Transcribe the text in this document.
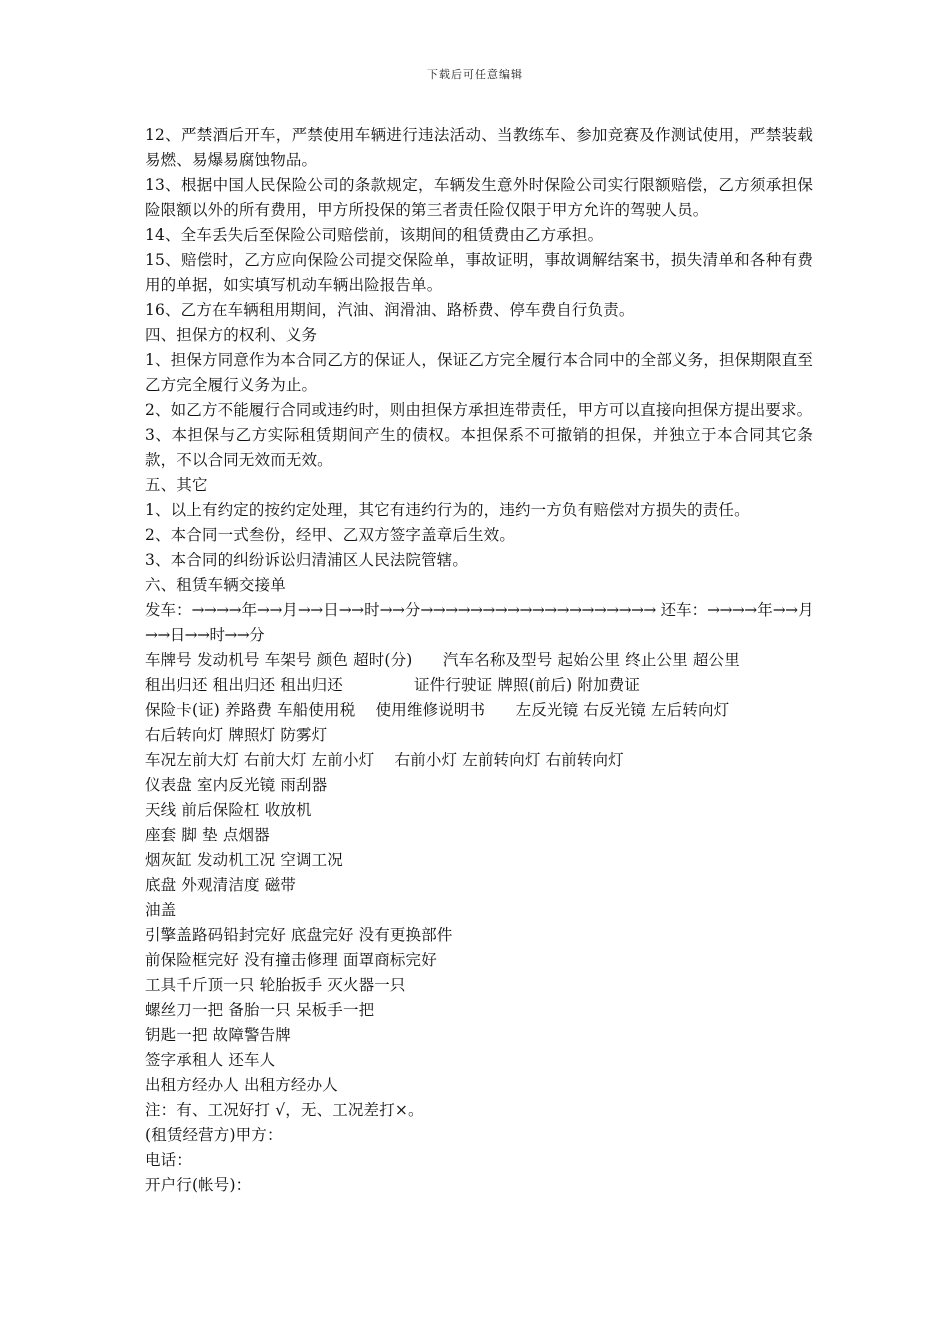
下载后可任意编辑

12、严禁酒后开车，严禁使用车辆进行违法活动、当教练车、参加竞赛及作测试使用，严禁装载易燃、易爆易腐蚀物品。

13、根据中国人民保险公司的条款规定，车辆发生意外时保险公司实行限额赔偿，乙方须承担保险限额以外的所有费用，甲方所投保的第三者责任险仅限于甲方允许的驾驶人员。

14、全车丢失后至保险公司赔偿前，该期间的租赁费由乙方承担。

15、赔偿时，乙方应向保险公司提交保险单，事故证明，事故调解结案书，损失清单和各种有费用的单据，如实填写机动车辆出险报告单。

16、乙方在车辆租用期间，汽油、润滑油、路桥费、停车费自行负责。

四、担保方的权利、义务

1、担保方同意作为本合同乙方的保证人，保证乙方完全履行本合同中的全部义务，担保期限直至乙方完全履行义务为止。

2、如乙方不能履行合同或违约时，则由担保方承担连带责任，甲方可以直接向担保方提出要求。

3、本担保与乙方实际租赁期间产生的债权。本担保系不可撤销的担保，并独立于本合同其它条款，不以合同无效而无效。

五、其它

1、以上有约定的按约定处理，其它有违约行为的，违约一方负有赔偿对方损失的责任。

2、本合同一式叁份，经甲、乙双方签字盖章后生效。

3、本合同的纠纷诉讼归清浦区人民法院管辖。

六、租赁车辆交接单

发车：→→→→年→→月→→日→→时→→分→→→→→→→→→→→→→→→→→→→ 还车：→→→→年→→月→→日→→时→→分

车牌号 发动机号 车架号 颜色 超时(分)      汽车名称及型号 起始公里 终止公里 超公里

租出归还 租出归还 租出归还              证件行驶证 牌照(前后) 附加费证

保险卡(证) 养路费 车船使用税    使用维修说明书      左反光镜 右反光镜 左后转向灯

右后转向灯 牌照灯 防雾灯

车况左前大灯 右前大灯 左前小灯    右前小灯 左前转向灯 右前转向灯

仪表盘 室内反光镜 雨刮器

天线 前后保险杠 收放机

座套 脚 垫 点烟器

烟灰缸 发动机工况 空调工况

底盘 外观清洁度 磁带

油盖

引擎盖路码铅封完好 底盘完好 没有更换部件

前保险框完好 没有撞击修理 面罩商标完好

工具千斤顶一只 轮胎扳手 灭火器一只

螺丝刀一把 备胎一只 呆板手一把

钥匙一把 故障警告牌

签字承租人 还车人

出租方经办人 出租方经办人

注：有、工况好打 √，无、工况差打×。

(租赁经营方)甲方：

电话：

开户行(帐号)：
